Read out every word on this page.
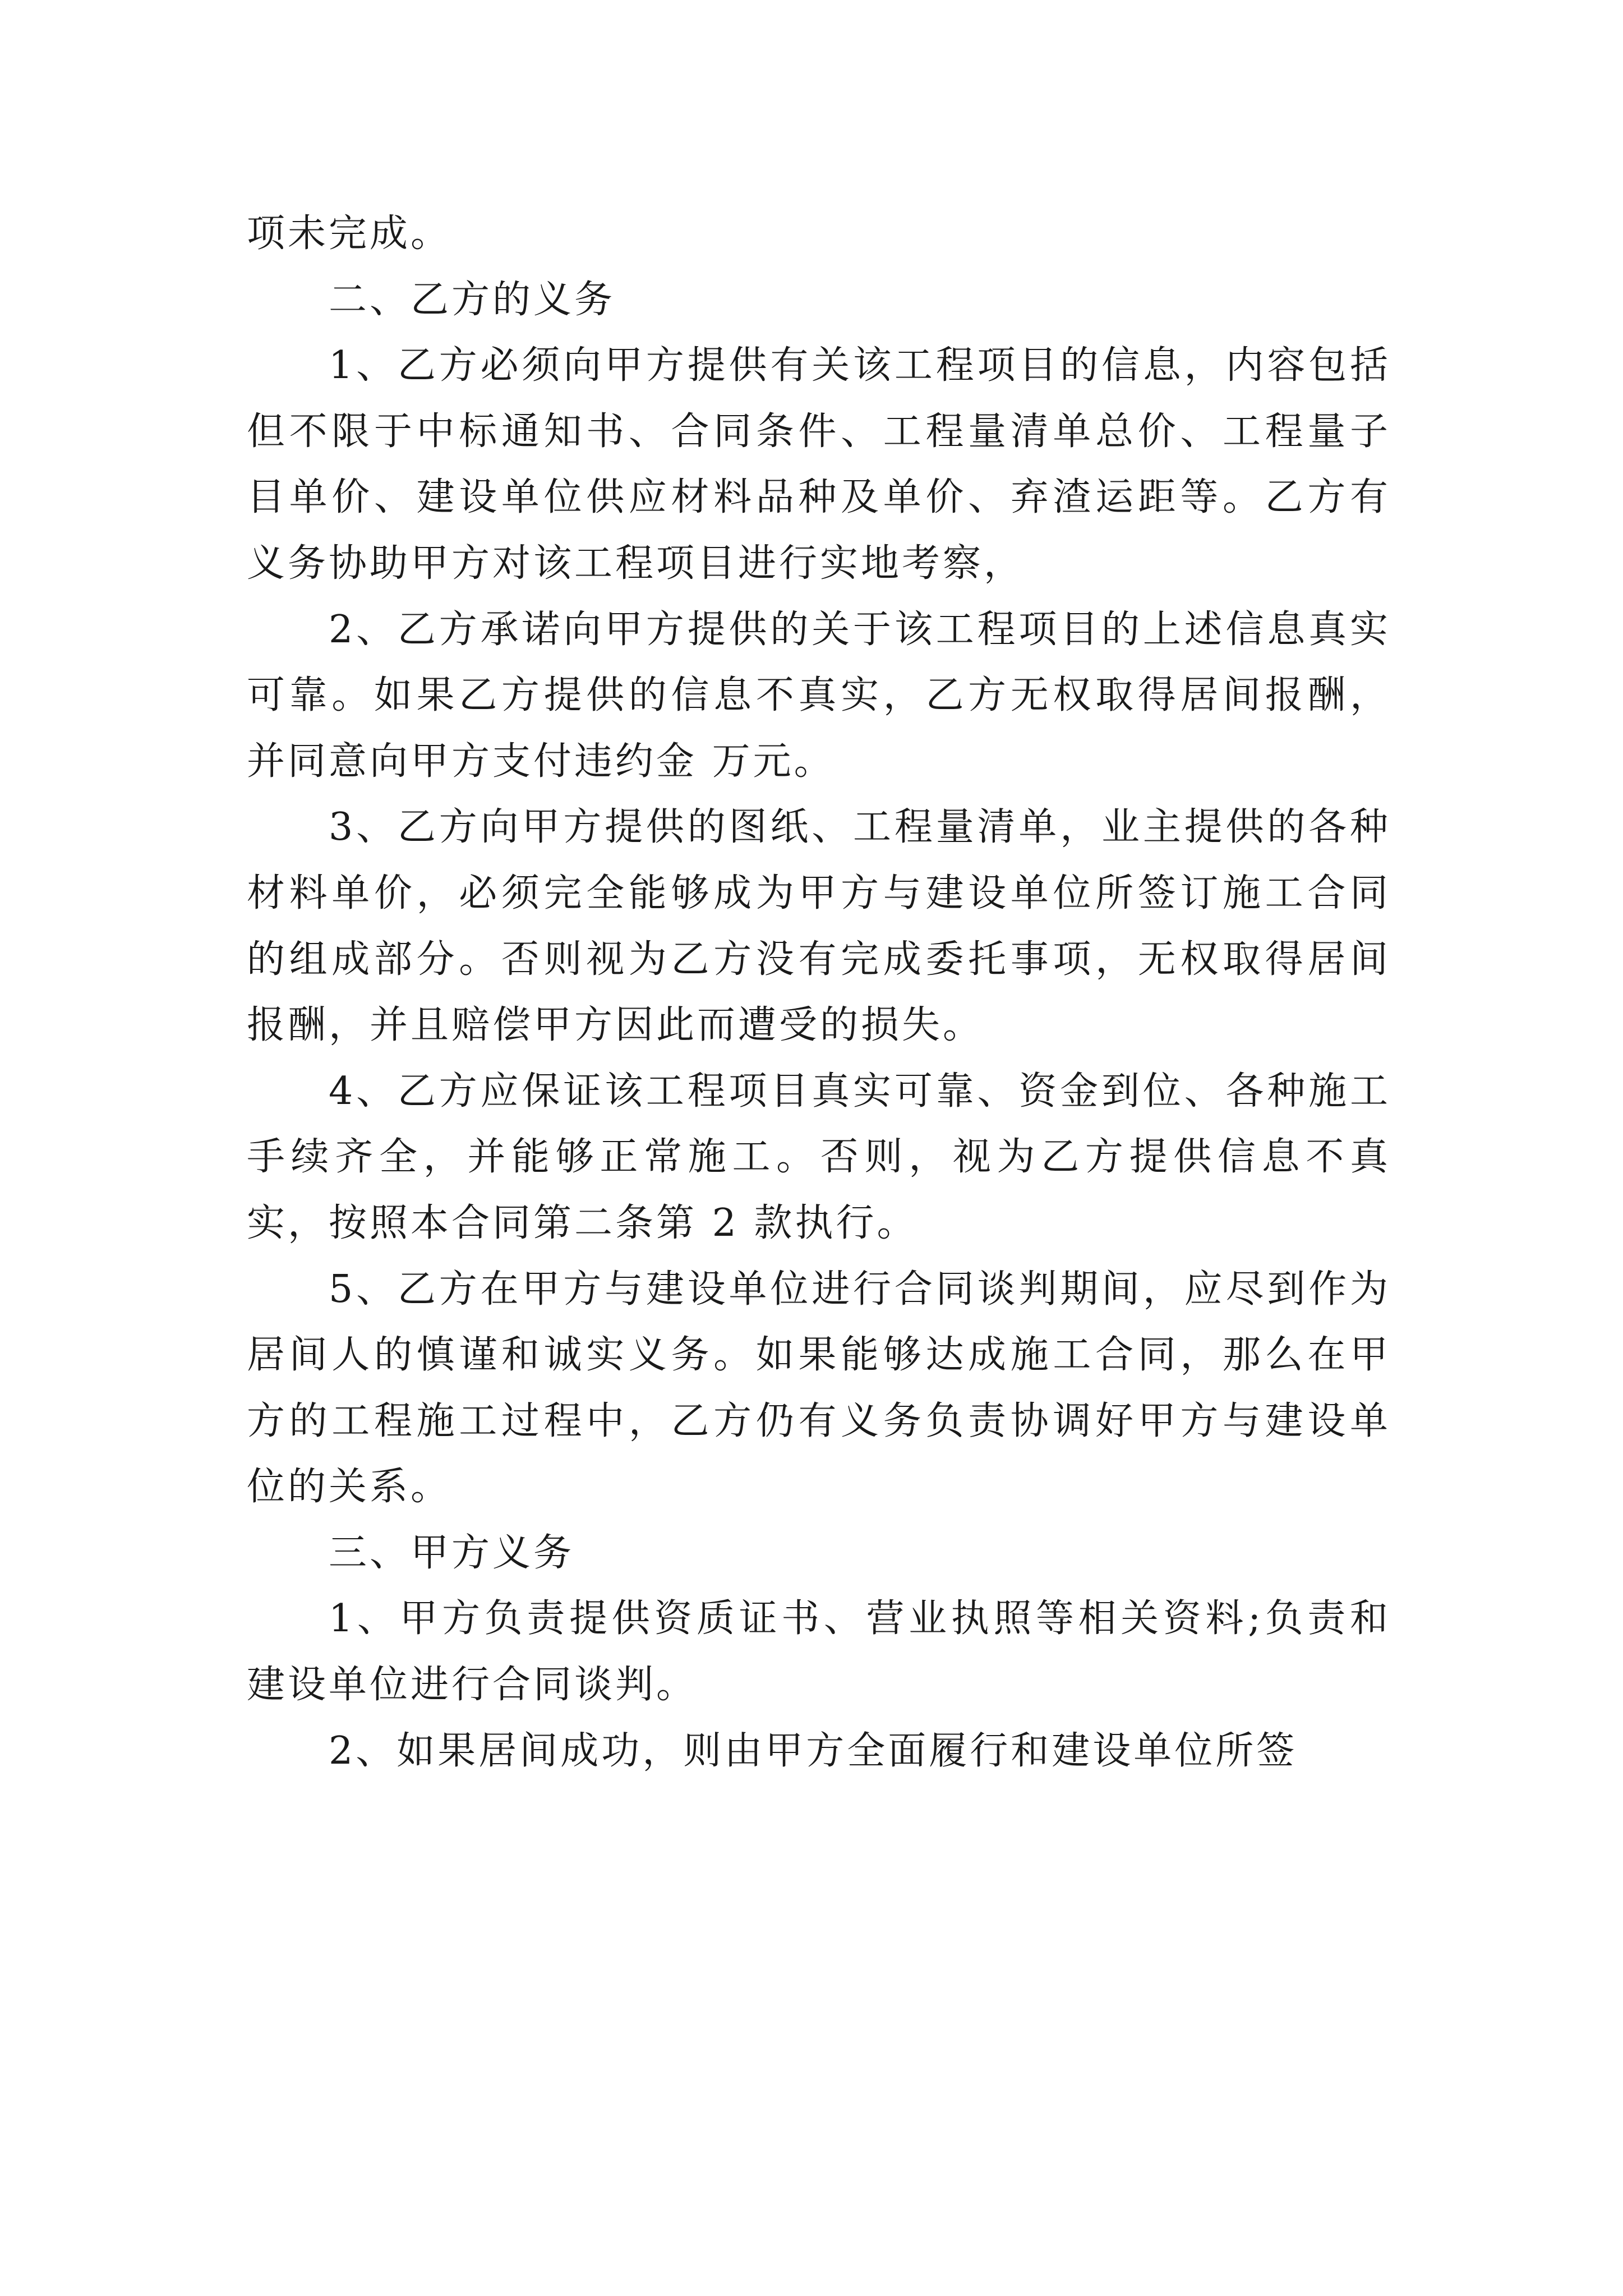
项未完成。

二、乙方的义务

1、乙方必须向甲方提供有关该工程项目的信息，内容包括但不限于中标通知书、合同条件、工程量清单总价、工程量子目单价、建设单位供应材料品种及单价、弃渣运距等。乙方有义务协助甲方对该工程项目进行实地考察，

2、乙方承诺向甲方提供的关于该工程项目的上述信息真实可靠。如果乙方提供的信息不真实，乙方无权取得居间报酬，并同意向甲方支付违约金 万元。

3、乙方向甲方提供的图纸、工程量清单，业主提供的各种材料单价，必须完全能够成为甲方与建设单位所签订施工合同的组成部分。否则视为乙方没有完成委托事项，无权取得居间报酬，并且赔偿甲方因此而遭受的损失。

4、乙方应保证该工程项目真实可靠、资金到位、各种施工手续齐全，并能够正常施工。否则，视为乙方提供信息不真实，按照本合同第二条第 2 款执行。

5、乙方在甲方与建设单位进行合同谈判期间，应尽到作为居间人的慎谨和诚实义务。如果能够达成施工合同，那么在甲方的工程施工过程中，乙方仍有义务负责协调好甲方与建设单位的关系。

三、甲方义务

1、甲方负责提供资质证书、营业执照等相关资料;负责和建设单位进行合同谈判。

2、如果居间成功，则由甲方全面履行和建设单位所签
